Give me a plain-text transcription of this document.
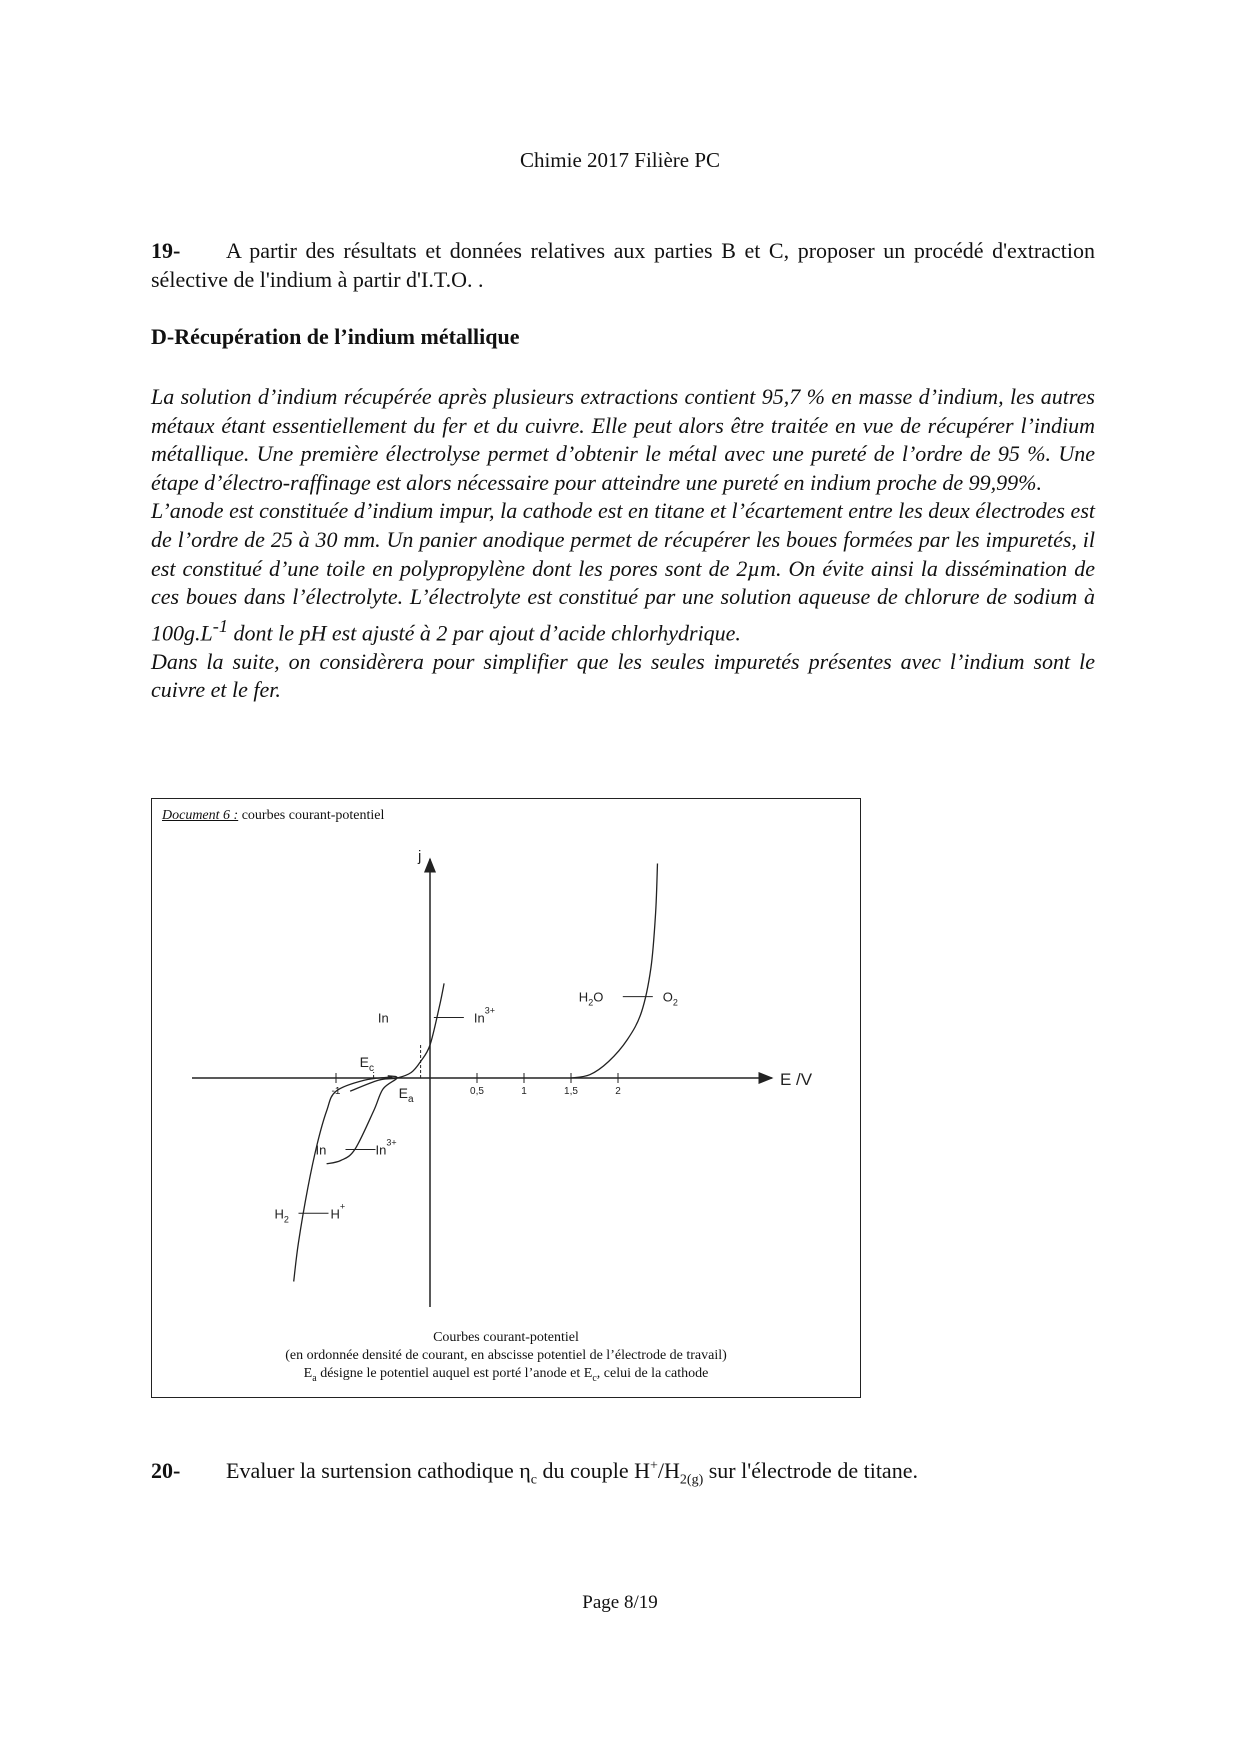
Chimie 2017 Filière PC
19- A partir des résultats et données relatives aux parties B et C, proposer un procédé d'extraction sélective de l'indium à partir d'I.T.O. .
D-Récupération de l’indium métallique

La solution d’indium récupérée après plusieurs extractions contient 95,7 % en masse d’indium, les autres métaux étant essentiellement du fer et du cuivre. Elle peut alors être traitée en vue de récupérer l’indium métallique. Une première électrolyse permet d’obtenir le métal avec une pureté de l’ordre de 95 %. Une étape d’électro-raffinage est alors nécessaire pour atteindre une pureté en indium proche de 99,99%.

L’anode est constituée d’indium impur, la cathode est en titane et l’écartement entre les deux électrodes est de l’ordre de 25 à 30 mm. Un panier anodique permet de récupérer les boues formées par les impuretés, il est constitué d’une toile en polypropylène dont les pores sont de 2µm. On évite ainsi la dissémination de ces boues dans l’électrolyte. L’électrolyte est constitué par une solution aqueuse de chlorure de sodium à $100g.L^{-1}$ dont le pH est ajusté à 2 par ajout d’acide chlorhydrique.

Dans la suite, on considèrera pour simplifier que les seules impuretés présentes avec l’indium sont le cuivre et le fer.

Document 6 : courbes courant-potentiel
E /V
j
-1	0,5	1	1,5	2
$E_c$
$E_a$
In	$In^{3+}$
In	$In^{3+}$
$H_2$	H+
$H_2O$	$O_2$
Courbes courant-potentiel
(en ordonnée densité de courant, en abscisse potentiel de l’électrode de travail)
$E_a$ désigne le potentiel auquel est porté l’anode et $E_c$, celui de la cathode
20- Evaluer la surtension cathodique $\eta_c$ du couple $H^+/H_{2(g)}$ sur l'électrode de titane.
Page 8/19
